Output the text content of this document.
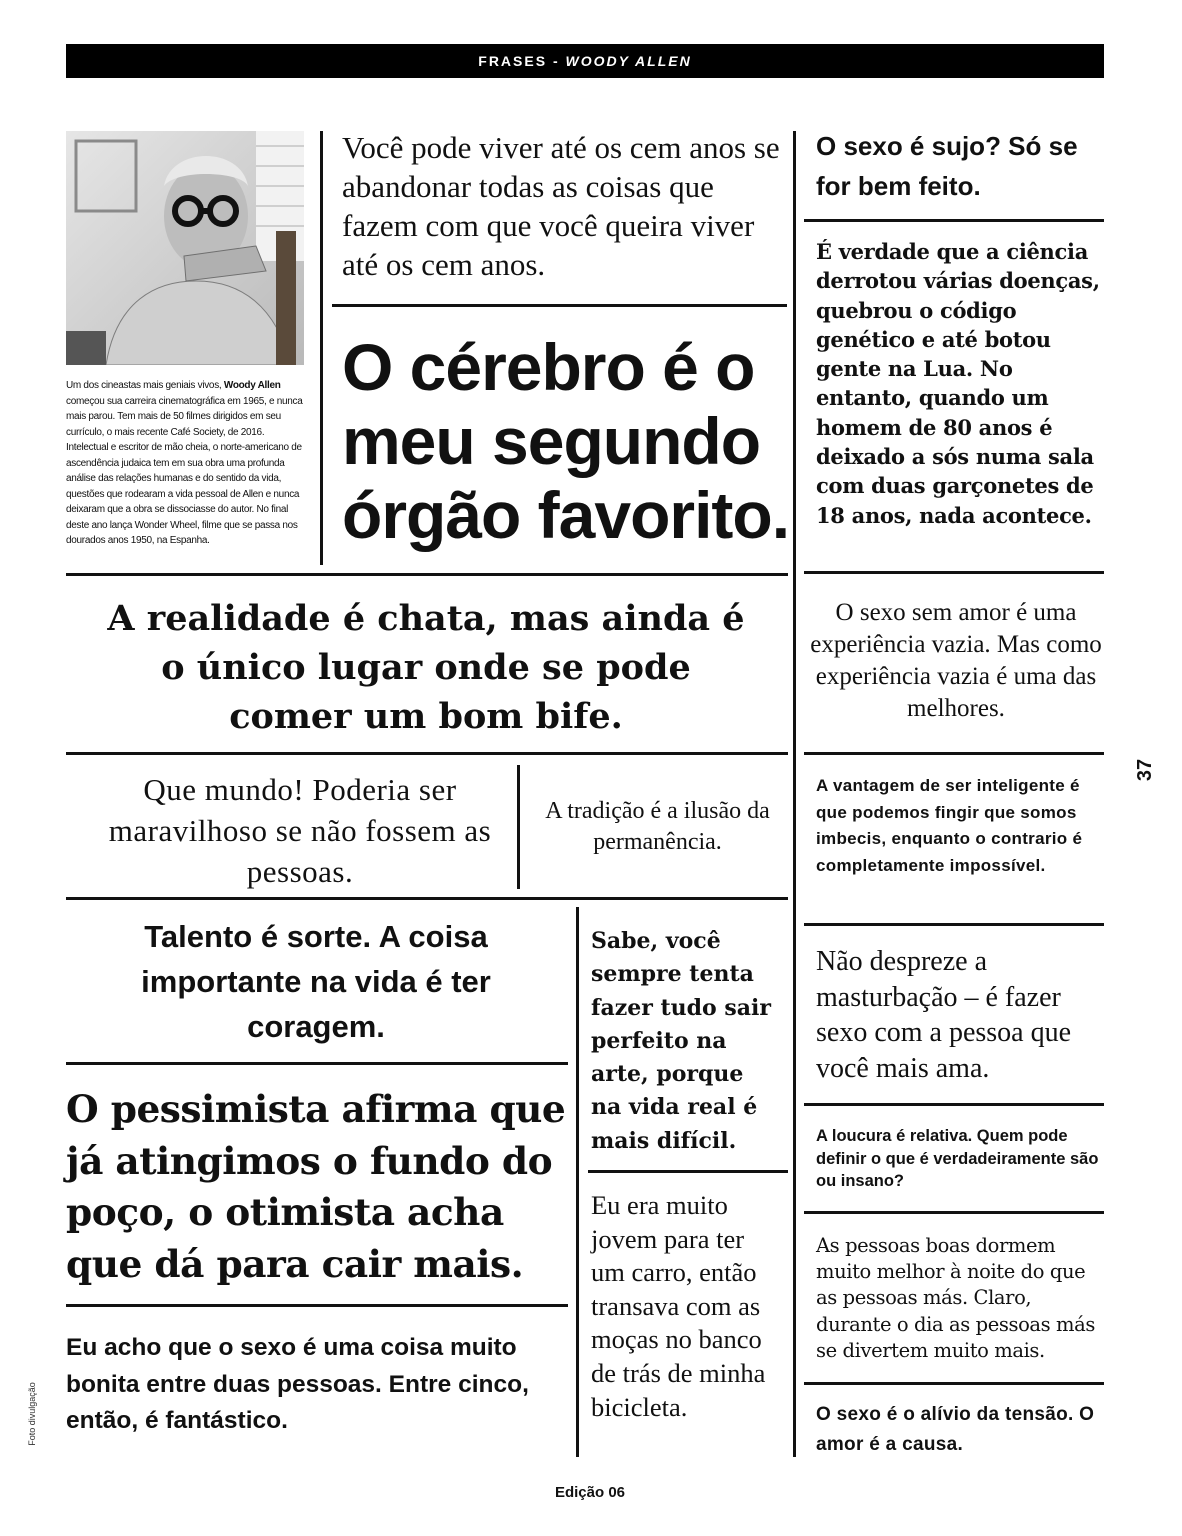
FRASES -
WOODY ALLEN
Um dos cineastas mais geniais vivos, Woody Allen começou sua carreira cinematográfica em 1965, e nunca mais parou. Tem mais de 50 filmes dirigidos em seu currículo, o mais recente Café Society, de 2016. Intelectual e escritor de mão cheia, o norte-americano de ascendência judaica tem em sua obra uma profunda análise das relações humanas e do sentido da vida, questões que rodearam a vida pessoal de Allen e nunca deixaram que a obra se dissociasse do autor. No final deste ano lança Wonder Wheel, filme que se passa nos dourados anos 1950, na Espanha.
Você pode viver até os cem anos se abandonar todas as coisas que fazem com que você queira viver até os cem anos.
O cérebro é o meu segundo órgão favorito.
O sexo é sujo? Só se for bem feito.
É verdade que a ciência derrotou várias doenças, quebrou o código genético e até botou gente na Lua. No entanto, quando um homem de 80 anos é deixado a sós numa sala com duas garçonetes de 18 anos, nada acontece.
A realidade é chata, mas ainda é o único lugar onde se pode comer um bom bife.
O sexo sem amor é uma experiência vazia. Mas como experiência vazia é uma das melhores.
Que mundo! Poderia ser maravilhoso se não fossem as pessoas.
A tradição é a ilusão da permanência.
A vantagem de ser inteligente é que podemos fingir que somos imbecis, enquanto o contrario é completamente impossível.
Talento é sorte. A coisa importante na vida é ter coragem.
Sabe, você sempre tenta fazer tudo sair perfeito na arte, porque na vida real é mais difícil.
Não despreze a masturbação – é fazer sexo com a pessoa que você mais ama.
O pessimista afirma que já atingimos o fundo do poço, o otimista acha que dá para cair mais.
A loucura é relativa. Quem pode definir o que é verdadeiramente são ou insano?
Eu era muito jovem para ter um carro, então transava com as moças no banco de trás de minha bicicleta.
As pessoas boas dormem muito melhor à noite do que as pessoas más. Claro, durante o dia as pessoas más se divertem muito mais.
Eu acho que o sexo é uma coisa muito bonita entre duas pessoas. Entre cinco, então, é fantástico.	O sexo é o alívio da tensão. O amor é a causa.
Edição 06
37
Foto divulgação
